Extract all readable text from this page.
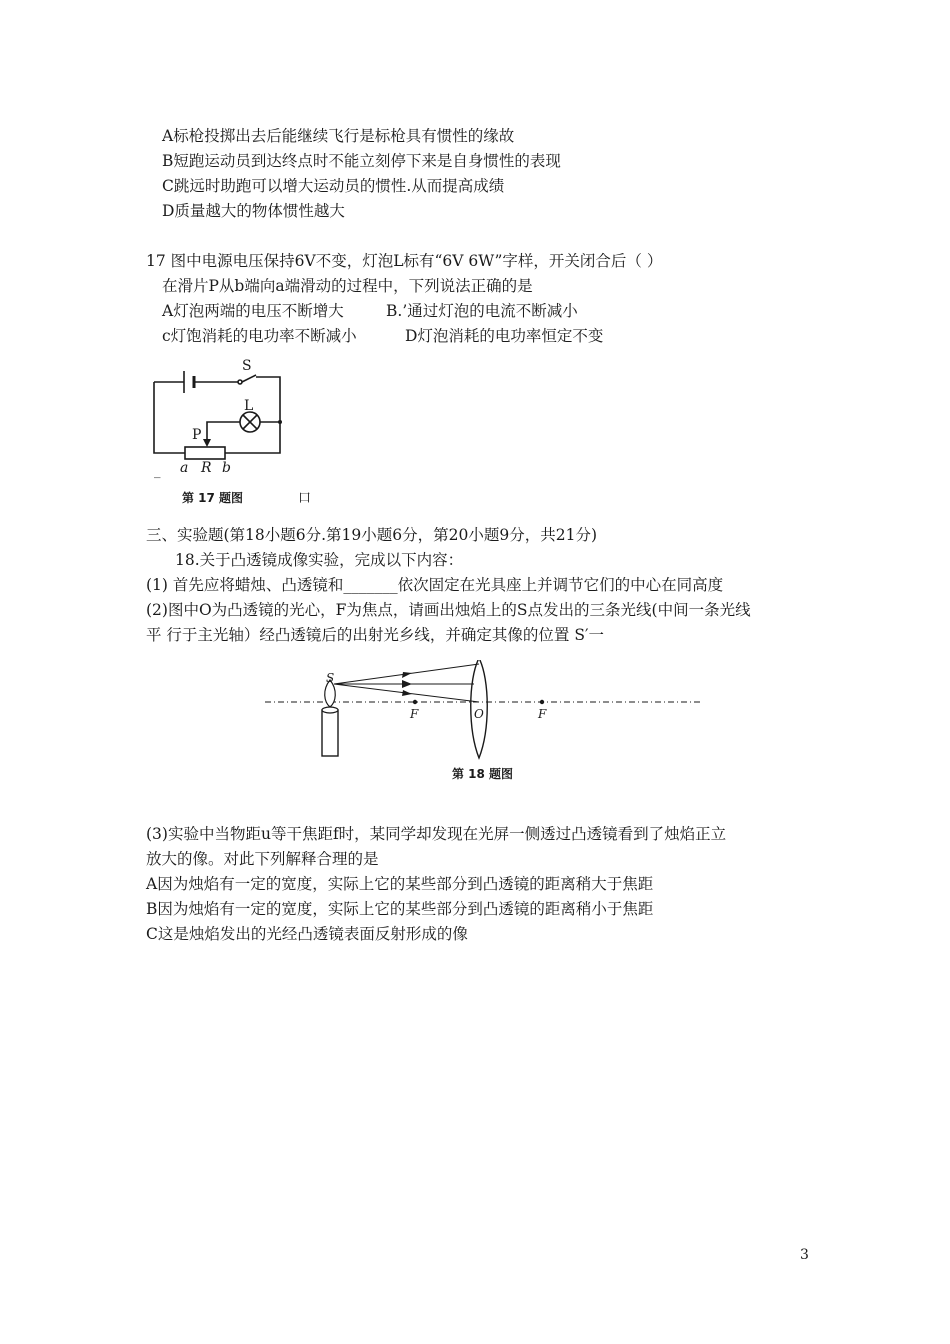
A标枪投掷出去后能继续飞行是标枪具有惯性的缘故
B短跑运动员到达终点时不能立刻停下来是自身惯性的表现
C跳远时助跑可以增大运动员的惯性.从而提高成绩
D质量越大的物体惯性越大
17 图中电源电压保持6V不变，灯泡L标有“6V 6W”字样，开关闭合后（ ）
在滑片P从b端向a端滑动的过程中，下列说法正确的是
A灯泡两端的电压不断增大	B.’通过灯泡的电流不断减小
c灯饱消耗的电功率不断减小	D灯泡消耗的电功率恒定不变
S
L
P
a R b
_
第 17 题图	口
三、实验题(第18小题6分.第19小题6分，第20小题9分，共21分)
18.关于凸透镜成像实验，完成以下内容：
(1) 首先应将蜡烛、凸透镜和_______依次固定在光具座上并调节它们的中心在同高度
(2)图中O为凸透镜的光心，F为焦点，请画出烛焰上的S点发出的三条光线(中间一条光线
平 行于主光轴）经凸透镜后的出射光乡线，并确定其像的位置 S′一
S
F	O	F
第 18 题图
(3)实验中当物距u等干焦距f时，某同学却发现在光屏一侧透过凸透镜看到了烛焰正立
放大的像。对此下列解释合理的是
A因为烛焰有一定的宽度，实际上它的某些部分到凸透镜的距离稍大于焦距
B因为烛焰有一定的宽度，实际上它的某些部分到凸透镜的距离稍小于焦距
C这是烛焰发出的光经凸透镜表面反射形成的像
3
